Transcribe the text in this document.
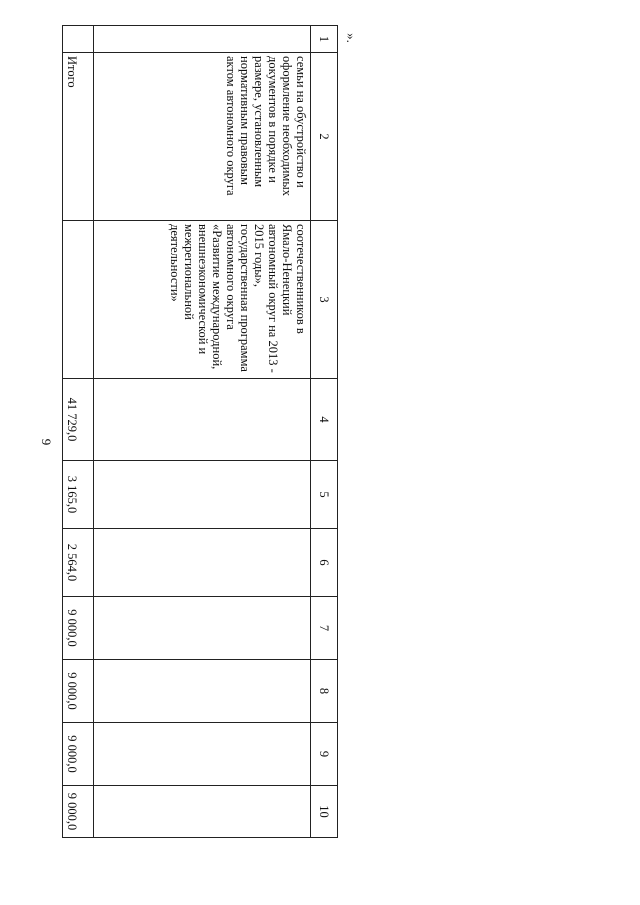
9
».
1	2	3	4	5	6	7	8	9	10
	семьи на обустройство и оформление необходимых документов в порядке и размере, установленным нормативным правовым актом автономного округа	соотечественников в Ямало-Ненецкий автономный округ на 2013 - 2015 годы», государственная программа автономного округа «Развитие международной, внешнеэкономической и межрегиональной деятельности»							
	Итого		41 729,0	3 165,0	2 564,0	9 000,0	9 000,0	9 000,0	9 000,0
